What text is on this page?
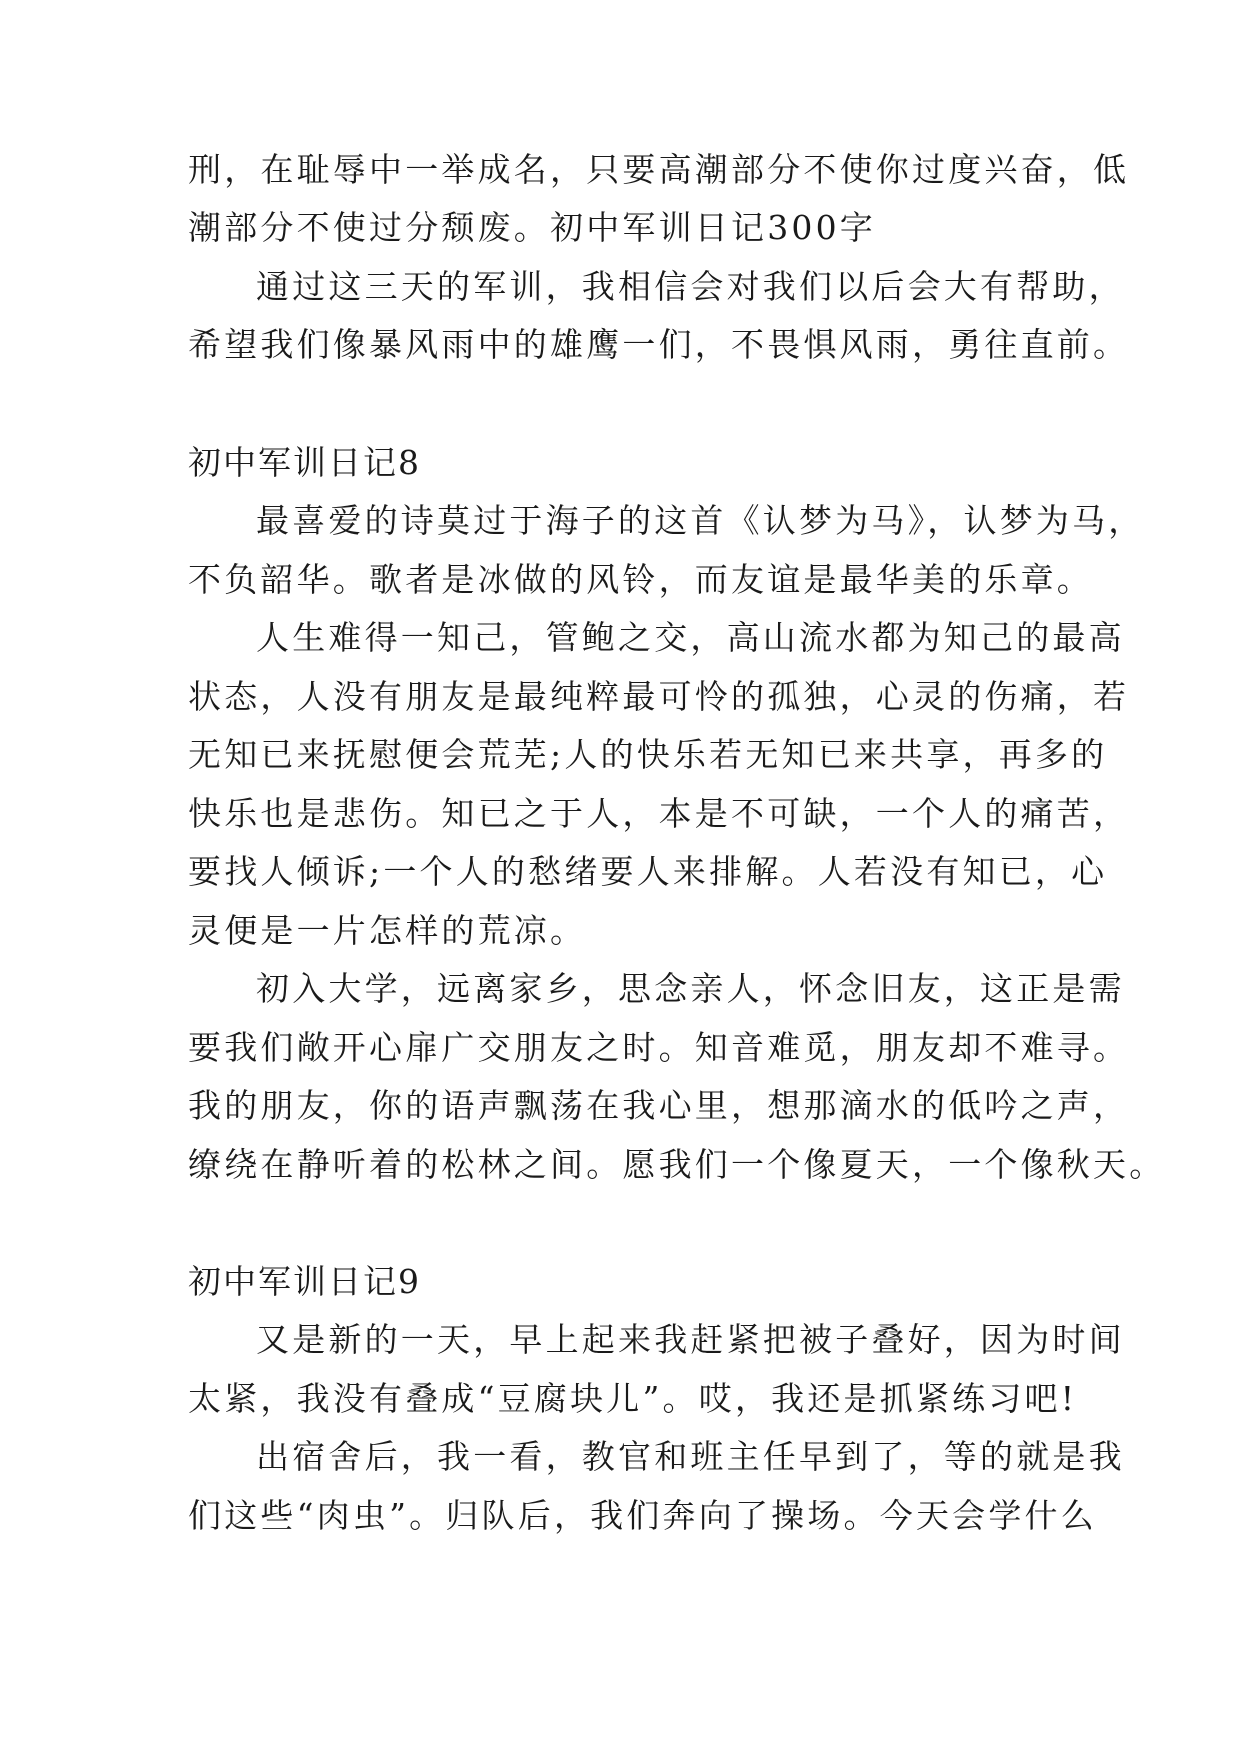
刑，在耻辱中一举成名，只要高潮部分不使你过度兴奋，低

潮部分不使过分颓废。初中军训日记300字

通过这三天的军训，我相信会对我们以后会大有帮助，

希望我们像暴风雨中的雄鹰一们，不畏惧风雨，勇往直前。

初中军训日记8

最喜爱的诗莫过于海子的这首《认梦为马》，认梦为马，

不负韶华。歌者是冰做的风铃，而友谊是最华美的乐章。

人生难得一知己，管鲍之交，高山流水都为知己的最高

状态，人没有朋友是最纯粹最可怜的孤独，心灵的伤痛，若

无知已来抚慰便会荒芜;人的快乐若无知已来共享，再多的

快乐也是悲伤。知已之于人，本是不可缺，一个人的痛苦，

要找人倾诉;一个人的愁绪要人来排解。人若没有知已，心

灵便是一片怎样的荒凉。

初入大学，远离家乡，思念亲人，怀念旧友，这正是需

要我们敞开心扉广交朋友之时。知音难觅，朋友却不难寻。

我的朋友，你的语声飘荡在我心里，想那滴水的低吟之声，

缭绕在静听着的松林之间。愿我们一个像夏天，一个像秋天。

初中军训日记9

又是新的一天，早上起来我赶紧把被子叠好，因为时间

太紧，我没有叠成“豆腐块儿”。哎，我还是抓紧练习吧!

出宿舍后，我一看，教官和班主任早到了，等的就是我

们这些“肉虫”。归队后，我们奔向了操场。今天会学什么
